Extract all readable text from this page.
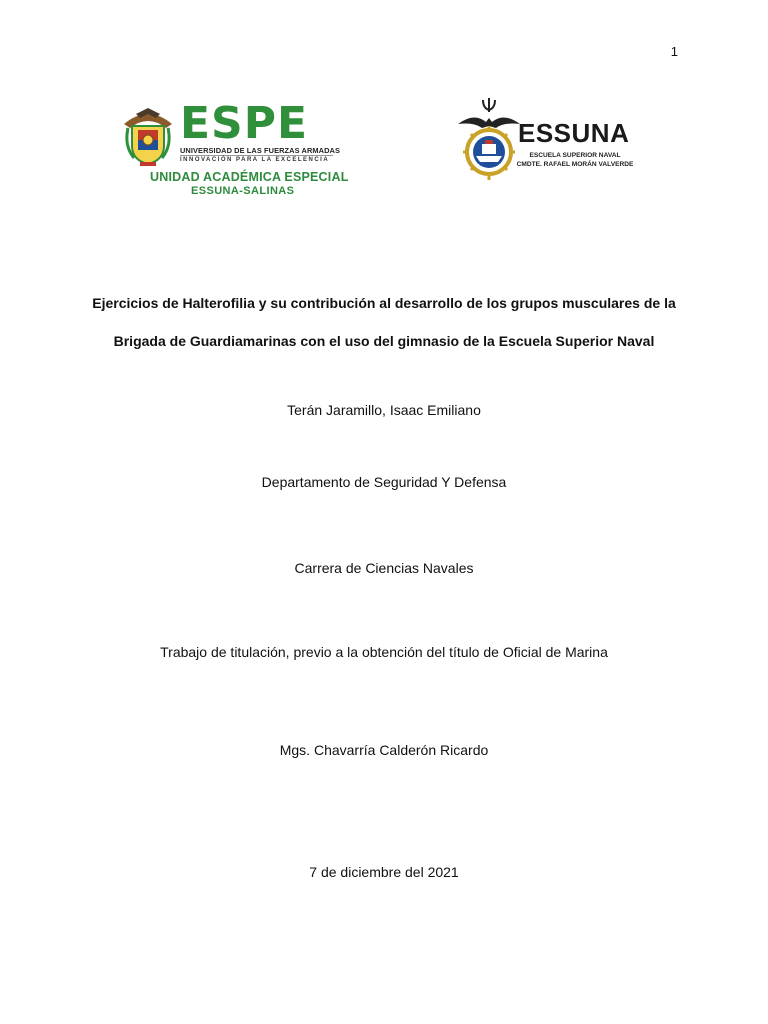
1
ESPE
UNIVERSIDAD DE LAS FUERZAS ARMADAS
INNOVACIÓN PARA LA EXCELENCIA
UNIDAD ACADÉMICA ESPECIAL
ESSUNA-SALINAS
ESSUNA
ESCUELA SUPERIOR NAVAL
CMDTE. RAFAEL MORÁN VALVERDE
Ejercicios de Halterofilia y su contribución al desarrollo de los grupos musculares de la
Brigada de Guardiamarinas con el uso del gimnasio de la Escuela Superior Naval
Terán Jaramillo, Isaac Emiliano
Departamento de Seguridad Y Defensa
Carrera de Ciencias Navales
Trabajo de titulación, previo a la obtención del título de Oficial de Marina
Mgs. Chavarría Calderón Ricardo
7 de diciembre del 2021
